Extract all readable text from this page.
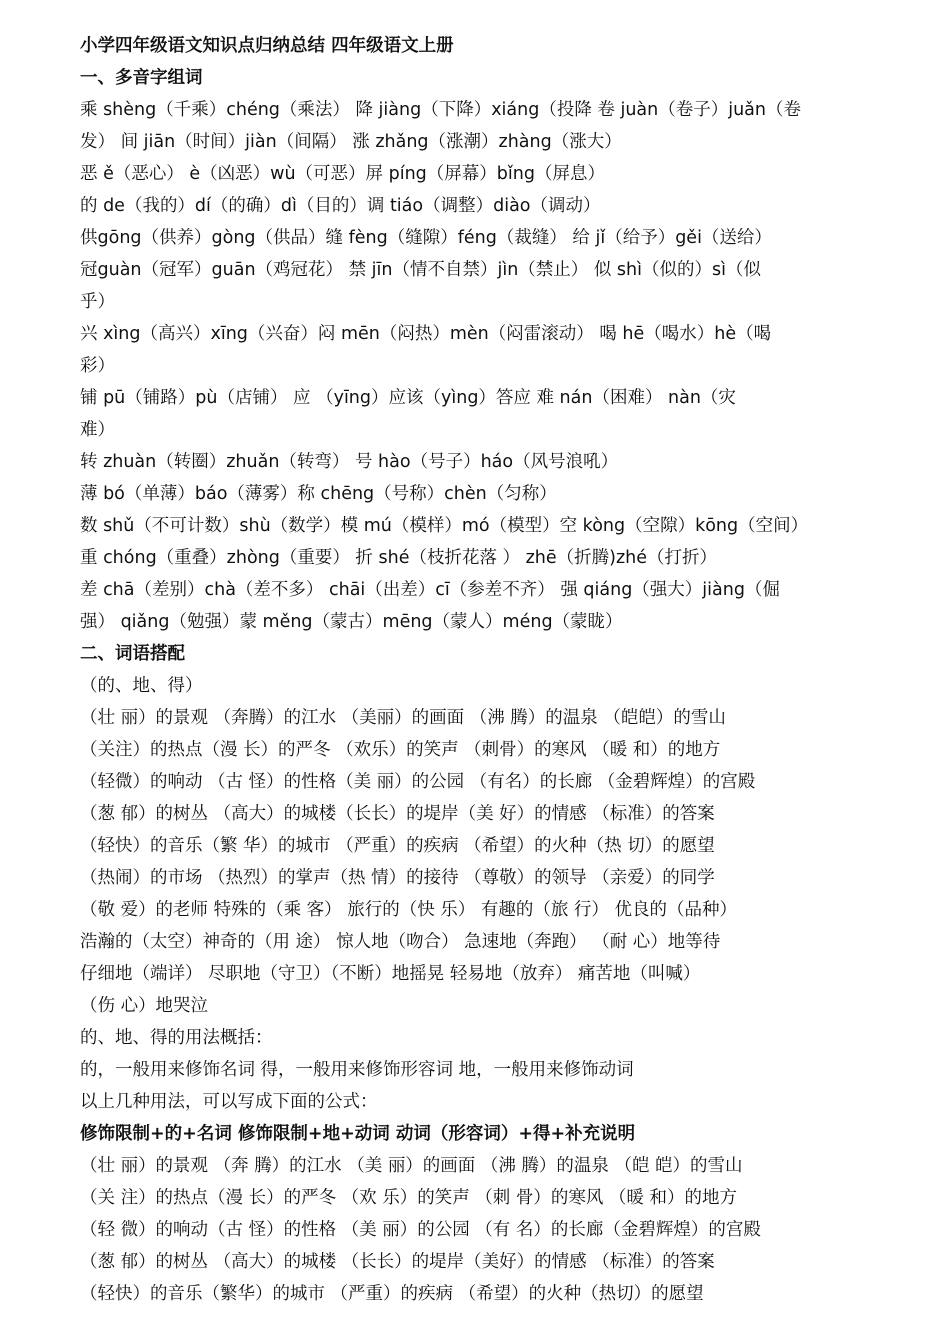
小学四年级语文知识点归纳总结 四年级语文上册
一、多音字组词
乘 shèng（千乘）chéng（乘法） 降 jiàng（下降）xiáng（投降 卷 juàn（卷子）juǎn（卷
发） 间 jiān（时间）jiàn（间隔） 涨 zhǎng（涨潮）zhàng（涨大）
恶 ě（恶心） è（凶恶）wù（可恶）屏 píng（屏幕）bǐng（屏息）
的 de（我的）dí（的确）dì（目的）调 tiáo（调整）diào（调动）
供gōng（供养）gòng（供品）缝 fèng（缝隙）féng（裁缝） 给 jǐ（给予）gěi（送给）
冠guàn（冠军）guān（鸡冠花） 禁 jīn（情不自禁）jìn（禁止） 似 shì（似的）sì（似
乎）
兴 xìng（高兴）xīng（兴奋）闷 mēn（闷热）mèn（闷雷滚动） 喝 hē（喝水）hè（喝
彩）
铺 pū（铺路）pù（店铺） 应 （yīng）应该（yìng）答应 难 nán（困难） nàn（灾
难）
转 zhuàn（转圈）zhuǎn（转弯） 号 hào（号子）háo（风号浪吼）
薄 bó（单薄）báo（薄雾）称 chēng（号称）chèn（匀称）
数 shǔ（不可计数）shù（数学）模 mú（模样）mó（模型）空 kòng（空隙）kōng（空间）
重 chóng（重叠）zhòng（重要） 折 shé（枝折花落 ） zhē（折腾)zhé（打折）
差 chā（差别）chà（差不多） chāi（出差）cī（参差不齐） 强 qiáng（强大）jiàng（倔
强） qiǎng（勉强）蒙 měng（蒙古）mēng（蒙人）méng（蒙眬）
二、词语搭配
（的、地、得）
（壮 丽）的景观 （奔腾）的江水 （美丽）的画面 （沸 腾）的温泉 （皑皑）的雪山
（关注）的热点（漫 长）的严冬 （欢乐）的笑声 （刺骨）的寒风 （暖 和）的地方
（轻微）的响动 （古 怪）的性格（美 丽）的公园 （有名）的长廊 （金碧辉煌）的宫殿
（葱 郁）的树丛 （高大）的城楼（长长）的堤岸（美 好）的情感 （标准）的答案
（轻快）的音乐（繁 华）的城市 （严重）的疾病 （希望）的火种（热 切）的愿望
（热闹）的市场 （热烈）的掌声（热 情）的接待 （尊敬）的领导 （亲爱）的同学
（敬 爱）的老师 特殊的（乘 客） 旅行的（快 乐） 有趣的（旅 行） 优良的（品种）
浩瀚的（太空）神奇的（用 途） 惊人地（吻合） 急速地（奔跑） （耐 心）地等待
仔细地（端详） 尽职地（守卫）（不断）地摇晃 轻易地（放弃） 痛苦地（叫喊）
（伤 心）地哭泣
的、地、得的用法概括：
的，一般用来修饰名词 得，一般用来修饰形容词 地，一般用来修饰动词
以上几种用法，可以写成下面的公式：
修饰限制+的+名词 修饰限制+地+动词 动词（形容词）+得+补充说明
（壮 丽）的景观 （奔 腾）的江水 （美 丽）的画面 （沸 腾）的温泉 （皑 皑）的雪山
（关 注）的热点（漫 长）的严冬 （欢 乐）的笑声 （刺 骨）的寒风 （暖 和）的地方
（轻 微）的响动（古 怪）的性格 （美 丽）的公园 （有 名）的长廊（金碧辉煌）的宫殿
（葱 郁）的树丛 （高大）的城楼 （长长）的堤岸（美好）的情感 （标准）的答案
（轻快）的音乐（繁华）的城市 （严重）的疾病 （希望）的火种（热切）的愿望
